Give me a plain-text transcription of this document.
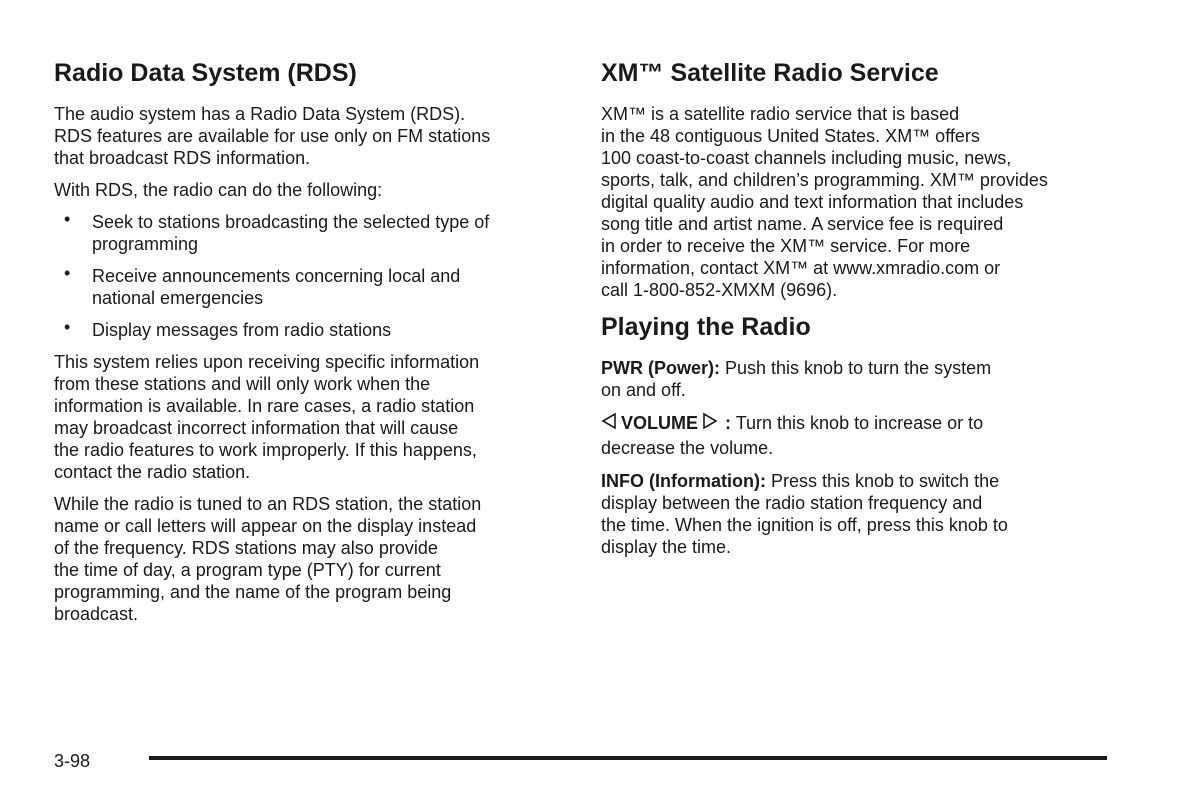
Radio Data System (RDS)

The audio system has a Radio Data System (RDS).
RDS features are available for use only on FM stations
that broadcast RDS information.

With RDS, the radio can do the following:

• Seek to stations broadcasting the selected type of
programming
• Receive announcements concerning local and
national emergencies
• Display messages from radio stations

This system relies upon receiving specific information
from these stations and will only work when the
information is available. In rare cases, a radio station
may broadcast incorrect information that will cause
the radio features to work improperly. If this happens,
contact the radio station.

While the radio is tuned to an RDS station, the station
name or call letters will appear on the display instead
of the frequency. RDS stations may also provide
the time of day, a program type (PTY) for current
programming, and the name of the program being
broadcast.

XM™ Satellite Radio Service

XM™ is a satellite radio service that is based
in the 48 contiguous United States. XM™ offers
100 coast-to-coast channels including music, news,
sports, talk, and children’s programming. XM™ provides
digital quality audio and text information that includes
song title and artist name. A service fee is required
in order to receive the XM™ service. For more
information, contact XM™ at www.xmradio.com or
call 1-800-852-XMXM (9696).

Playing the Radio

PWR (Power): Push this knob to turn the system
on and off.

VOLUME : Turn this knob to increase or to
decrease the volume.

INFO (Information): Press this knob to switch the
display between the radio station frequency and
the time. When the ignition is off, press this knob to
display the time.

3-98
